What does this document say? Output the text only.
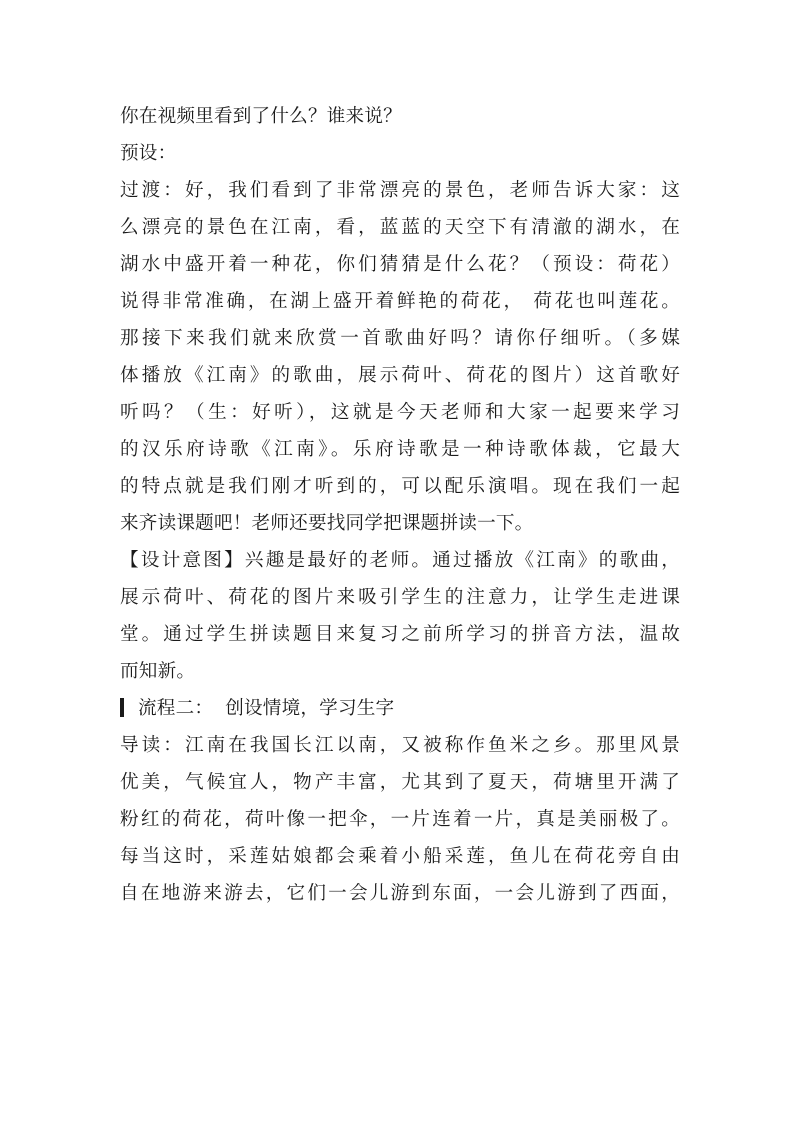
你在视频里看到了什么？谁来说？
预设：
过渡：好，我们看到了非常漂亮的景色，老师告诉大家：这
么漂亮的景色在江南，看，蓝蓝的天空下有清澈的湖水，在
湖水中盛开着一种花，你们猜猜是什么花？（预设：荷花）
说得非常准确，在湖上盛开着鲜艳的荷花， 荷花也叫莲花。
那接下来我们就来欣赏一首歌曲好吗？请你仔细听。（多媒
体播放《江南》的歌曲，展示荷叶、荷花的图片）这首歌好
听吗？（生：好听），这就是今天老师和大家一起要来学习
的汉乐府诗歌《江南》。乐府诗歌是一种诗歌体裁，它最大
的特点就是我们刚才听到的，可以配乐演唱。现在我们一起
来齐读课题吧！老师还要找同学把课题拼读一下。
【设计意图】兴趣是最好的老师。通过播放《江南》的歌曲，
展示荷叶、荷花的图片来吸引学生的注意力，让学生走进课
堂。通过学生拼读题目来复习之前所学习的拼音方法，温故
而知新。
流程二： 创设情境，学习生字
导读：江南在我国长江以南，又被称作鱼米之乡。那里风景
优美，气候宜人，物产丰富，尤其到了夏天，荷塘里开满了
粉红的荷花，荷叶像一把伞，一片连着一片，真是美丽极了。
每当这时，采莲姑娘都会乘着小船采莲，鱼儿在荷花旁自由
自在地游来游去，它们一会儿游到东面，一会儿游到了西面，
